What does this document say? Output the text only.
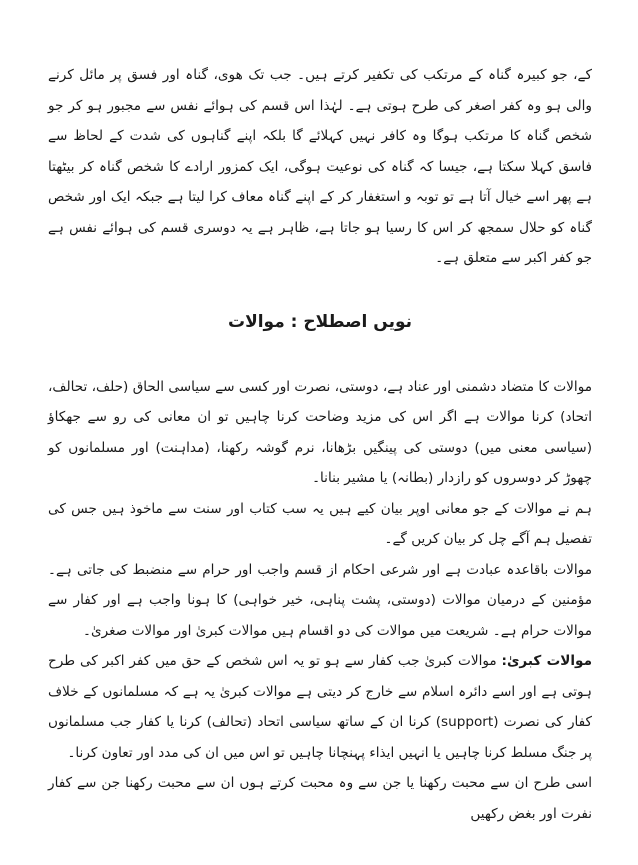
کے، جو کبیرہ گناہ کے مرتکب کی تکفیر کرتے ہیں۔ جب تک ھوی، گناہ اور فسق پر مائل کرنے والی ہو وہ کفر اصغر کی طرح ہوتی ہے۔ لہٰذا اس قسم کی ہوائے نفس سے مجبور ہو کر جو شخص گناہ کا مرتکب ہوگا وہ کافر نہیں کہلائے گا بلکہ اپنے گناہوں کی شدت کے لحاظ سے فاسق کہلا سکتا ہے، جیسا کہ گناہ کی نوعیت ہوگی، ایک کمزور ارادے کا شخص گناہ کر بیٹھتا ہے پھر اسے خیال آتا ہے تو توبہ و استغفار کر کے اپنے گناہ معاف کرا لیتا ہے جبکہ ایک اور شخص گناہ کو حلال سمجھ کر اس کا رسیا ہو جاتا ہے، ظاہر ہے یہ دوسری قسم کی ہوائے نفس ہے جو کفر اکبر سے متعلق ہے۔

نویں اصطلاح : موالات

موالات کا متضاد دشمنی اور عناد ہے، دوستی، نصرت اور کسی سے سیاسی الحاق (حلف، تحالف، اتحاد) کرنا موالات ہے اگر اس کی مزید وضاحت کرنا چاہیں تو ان معانی کی رو سے جھکاؤ (سیاسی معنی میں) دوستی کی پینگیں بڑھانا، نرم گوشہ رکھنا، (مداہنت) اور مسلمانوں کو چھوڑ کر دوسروں کو رازدار (بطانہ) یا مشیر بنانا۔

ہم نے موالات کے جو معانی اوپر بیان کیے ہیں یہ سب کتاب اور سنت سے ماخوذ ہیں جس کی تفصیل ہم آگے چل کر بیان کریں گے۔

موالات باقاعدہ عبادت ہے اور شرعی احکام از قسم واجب اور حرام سے منضبط کی جاتی ہے۔ مؤمنین کے درمیان موالات (دوستی، پشت پناہی، خیر خواہی) کا ہونا واجب ہے اور کفار سے موالات حرام ہے۔ شریعت میں موالات کی دو اقسام ہیں موالات کبریٰ اور موالات صغریٰ۔

موالات کبریٰ: موالات کبریٰ جب کفار سے ہو تو یہ اس شخص کے حق میں کفر اکبر کی طرح ہوتی ہے اور اسے دائرہ اسلام سے خارج کر دیتی ہے موالات کبریٰ یہ ہے کہ مسلمانوں کے خلاف کفار کی نصرت (support) کرنا ان کے ساتھ سیاسی اتحاد (تحالف) کرنا یا کفار جب مسلمانوں پر جنگ مسلط کرنا چاہیں یا انہیں ایذاء پہنچانا چاہیں تو اس میں ان کی مدد اور تعاون کرنا۔

اسی طرح ان سے محبت رکھنا یا جن سے وہ محبت کرتے ہوں ان سے محبت رکھنا جن سے کفار نفرت اور بغض رکھیں
